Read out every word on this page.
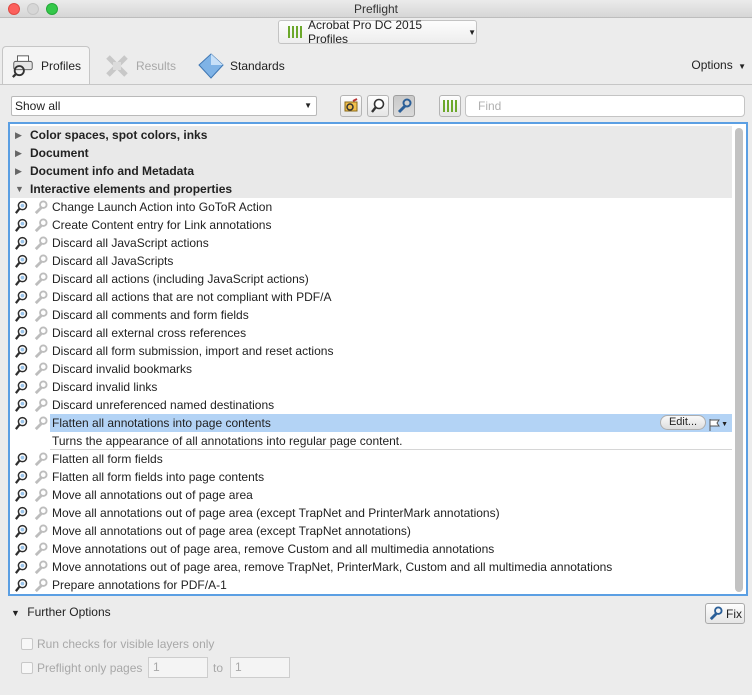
Preflight
Acrobat Pro DC 2015 Profiles	▼
Profiles	Results	Standards	Options ▼
Show all	▼
Find
▶ Color spaces, spot colors, inks
▶ Document
▶ Document info and Metadata
▼ Interactive elements and properties
Change Launch Action into GoToR Action
Create Content entry for Link annotations
Discard all JavaScript actions
Discard all JavaScripts
Discard all actions (including JavaScript actions)
Discard all actions that are not compliant with PDF/A
Discard all comments and form fields
Discard all external cross references
Discard all form submission, import and reset actions
Discard invalid bookmarks
Discard invalid links
Discard unreferenced named destinations
Flatten all annotations into page contents	Edit...	▼
Turns the appearance of all annotations into regular page content.
Flatten all form fields
Flatten all form fields into page contents
Move all annotations out of page area
Move all annotations out of page area (except TrapNet and PrinterMark annotations)
Move all annotations out of page area (except TrapNet annotations)
Move annotations out of page area, remove Custom and all multimedia annotations
Move annotations out of page area, remove TrapNet, PrinterMark, Custom and all multimedia annotations
Prepare annotations for PDF/A-1
▼ Further Options	Fix
Run checks for visible layers only
Preflight only pages 1	to 1
